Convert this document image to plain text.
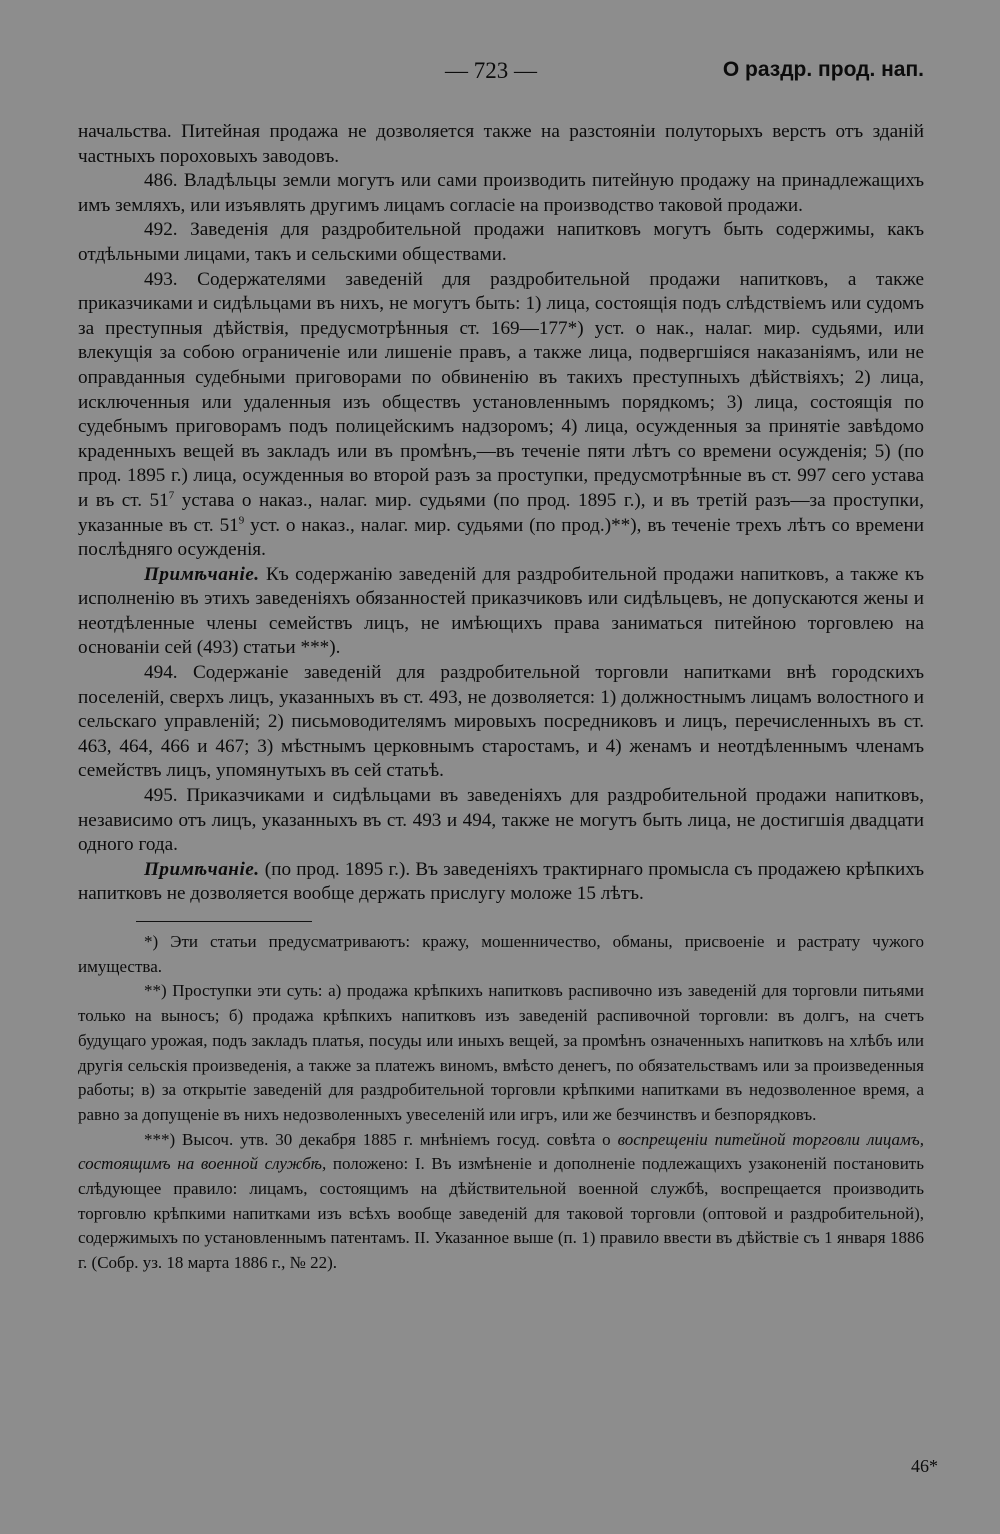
— 723 —	О раздр. прод. нап.

начальства. Питейная продажа не дозволяется также на разстояніи полуторыхъ верстъ отъ зданій частныхъ пороховыхъ заводовъ.

486. Владѣльцы земли могутъ или сами производить питейную продажу на принадлежащихъ имъ земляхъ, или изъявлять другимъ лицамъ согласіе на производство таковой продажи.

492. Заведенія для раздробительной продажи напитковъ могутъ быть содержимы, какъ отдѣльными лицами, такъ и сельскими обществами.

493. Содержателями заведеній для раздробительной продажи напитковъ, а также приказчиками и сидѣльцами въ нихъ, не могутъ быть: 1) лица, состоящія подъ слѣдствіемъ или судомъ за преступныя дѣйствія, предусмотрѣнныя ст. 169—177*) уст. о нак., налаг. мир. судьями, или влекущія за собою ограниченіе или лишеніе правъ, а также лица, подвергшіяся наказаніямъ, или не оправданныя судебными приговорами по обвиненію въ такихъ преступныхъ дѣйствіяхъ; 2) лица, исключенныя или удаленныя изъ обществъ установленнымъ порядкомъ; 3) лица, состоящія по судебнымъ приговорамъ подъ полицейскимъ надзоромъ; 4) лица, осужденныя за принятіе завѣдомо краденныхъ вещей въ закладъ или въ промѣнъ,—въ теченіе пяти лѣтъ со времени осужденія; 5) (по прод. 1895 г.) лица, осужденныя во второй разъ за проступки, предусмотрѣнные въ ст. 997 сего устава и въ ст. $51^7$ устава о наказ., налаг. мир. судьями (по прод. 1895 г.), и въ третій разъ—за проступки, указанные въ ст. $51^9$ уст. о наказ., налаг. мир. судьями (по прод.)**), въ теченіе трехъ лѣтъ со времени послѣдняго осужденія.

Примѣчаніе. Къ содержанію заведеній для раздробительной продажи напитковъ, а также къ исполненію въ этихъ заведеніяхъ обязанностей приказчиковъ или сидѣльцевъ, не допускаются жены и неотдѣленные члены семействъ лицъ, не имѣющихъ права заниматься питейною торговлею на основаніи сей (493) статьи ***).

494. Содержаніе заведеній для раздробительной торговли напитками внѣ городскихъ поселеній, сверхъ лицъ, указанныхъ въ ст. 493, не дозволяется: 1) должностнымъ лицамъ волостного и сельскаго управленій; 2) письмоводителямъ мировыхъ посредниковъ и лицъ, перечисленныхъ въ ст. 463, 464, 466 и 467; 3) мѣстнымъ церковнымъ старостамъ, и 4) женамъ и неотдѣленнымъ членамъ семействъ лицъ, упомянутыхъ въ сей статьѣ.

495. Приказчиками и сидѣльцами въ заведеніяхъ для раздробительной продажи напитковъ, независимо отъ лицъ, указанныхъ въ ст. 493 и 494, также не могутъ быть лица, не достигшія двадцати одного года.

Примѣчаніе. (по прод. 1895 г.). Въ заведеніяхъ трактирнаго промысла съ продажею крѣпкихъ напитковъ не дозволяется вообще держать прислугу моложе 15 лѣтъ.

*) Эти статьи предусматриваютъ: кражу, мошенничество, обманы, присвоеніе и растрату чужого имущества.

**) Проступки эти суть: а) продажа крѣпкихъ напитковъ распивочно изъ заведеній для торговли питьями только на выносъ; б) продажа крѣпкихъ напитковъ изъ заведеній распивочной торговли: въ долгъ, на счетъ будущаго урожая, подъ закладъ платья, посуды или иныхъ вещей, за промѣнъ означенныхъ напитковъ на хлѣбъ или другія сельскія произведенія, а также за платежъ виномъ, вмѣсто денегъ, по обязательствамъ или за произведенныя работы; в) за открытіе заведеній для раздробительной торговли крѣпкими напитками въ недозволенное время, а равно за допущеніе въ нихъ недозволенныхъ увеселеній или игръ, или же безчинствъ и безпорядковъ.

***) Высоч. утв. 30 декабря 1885 г. мнѣніемъ госуд. совѣта о воспрещеніи питейной торговли лицамъ, состоящимъ на военной службѣ, положено: I. Въ измѣненіе и дополненіе подлежащихъ узаконеній постановить слѣдующее правило: лицамъ, состоящимъ на дѣйствительной военной службѣ, воспрещается производить торговлю крѣпкими напитками изъ всѣхъ вообще заведеній для таковой торговли (оптовой и раздробительной), содержимыхъ по установленнымъ патентамъ. II. Указанное выше (п. 1) правило ввести въ дѣйствіе съ 1 января 1886 г. (Собр. уз. 18 марта 1886 г., № 22).

46*
